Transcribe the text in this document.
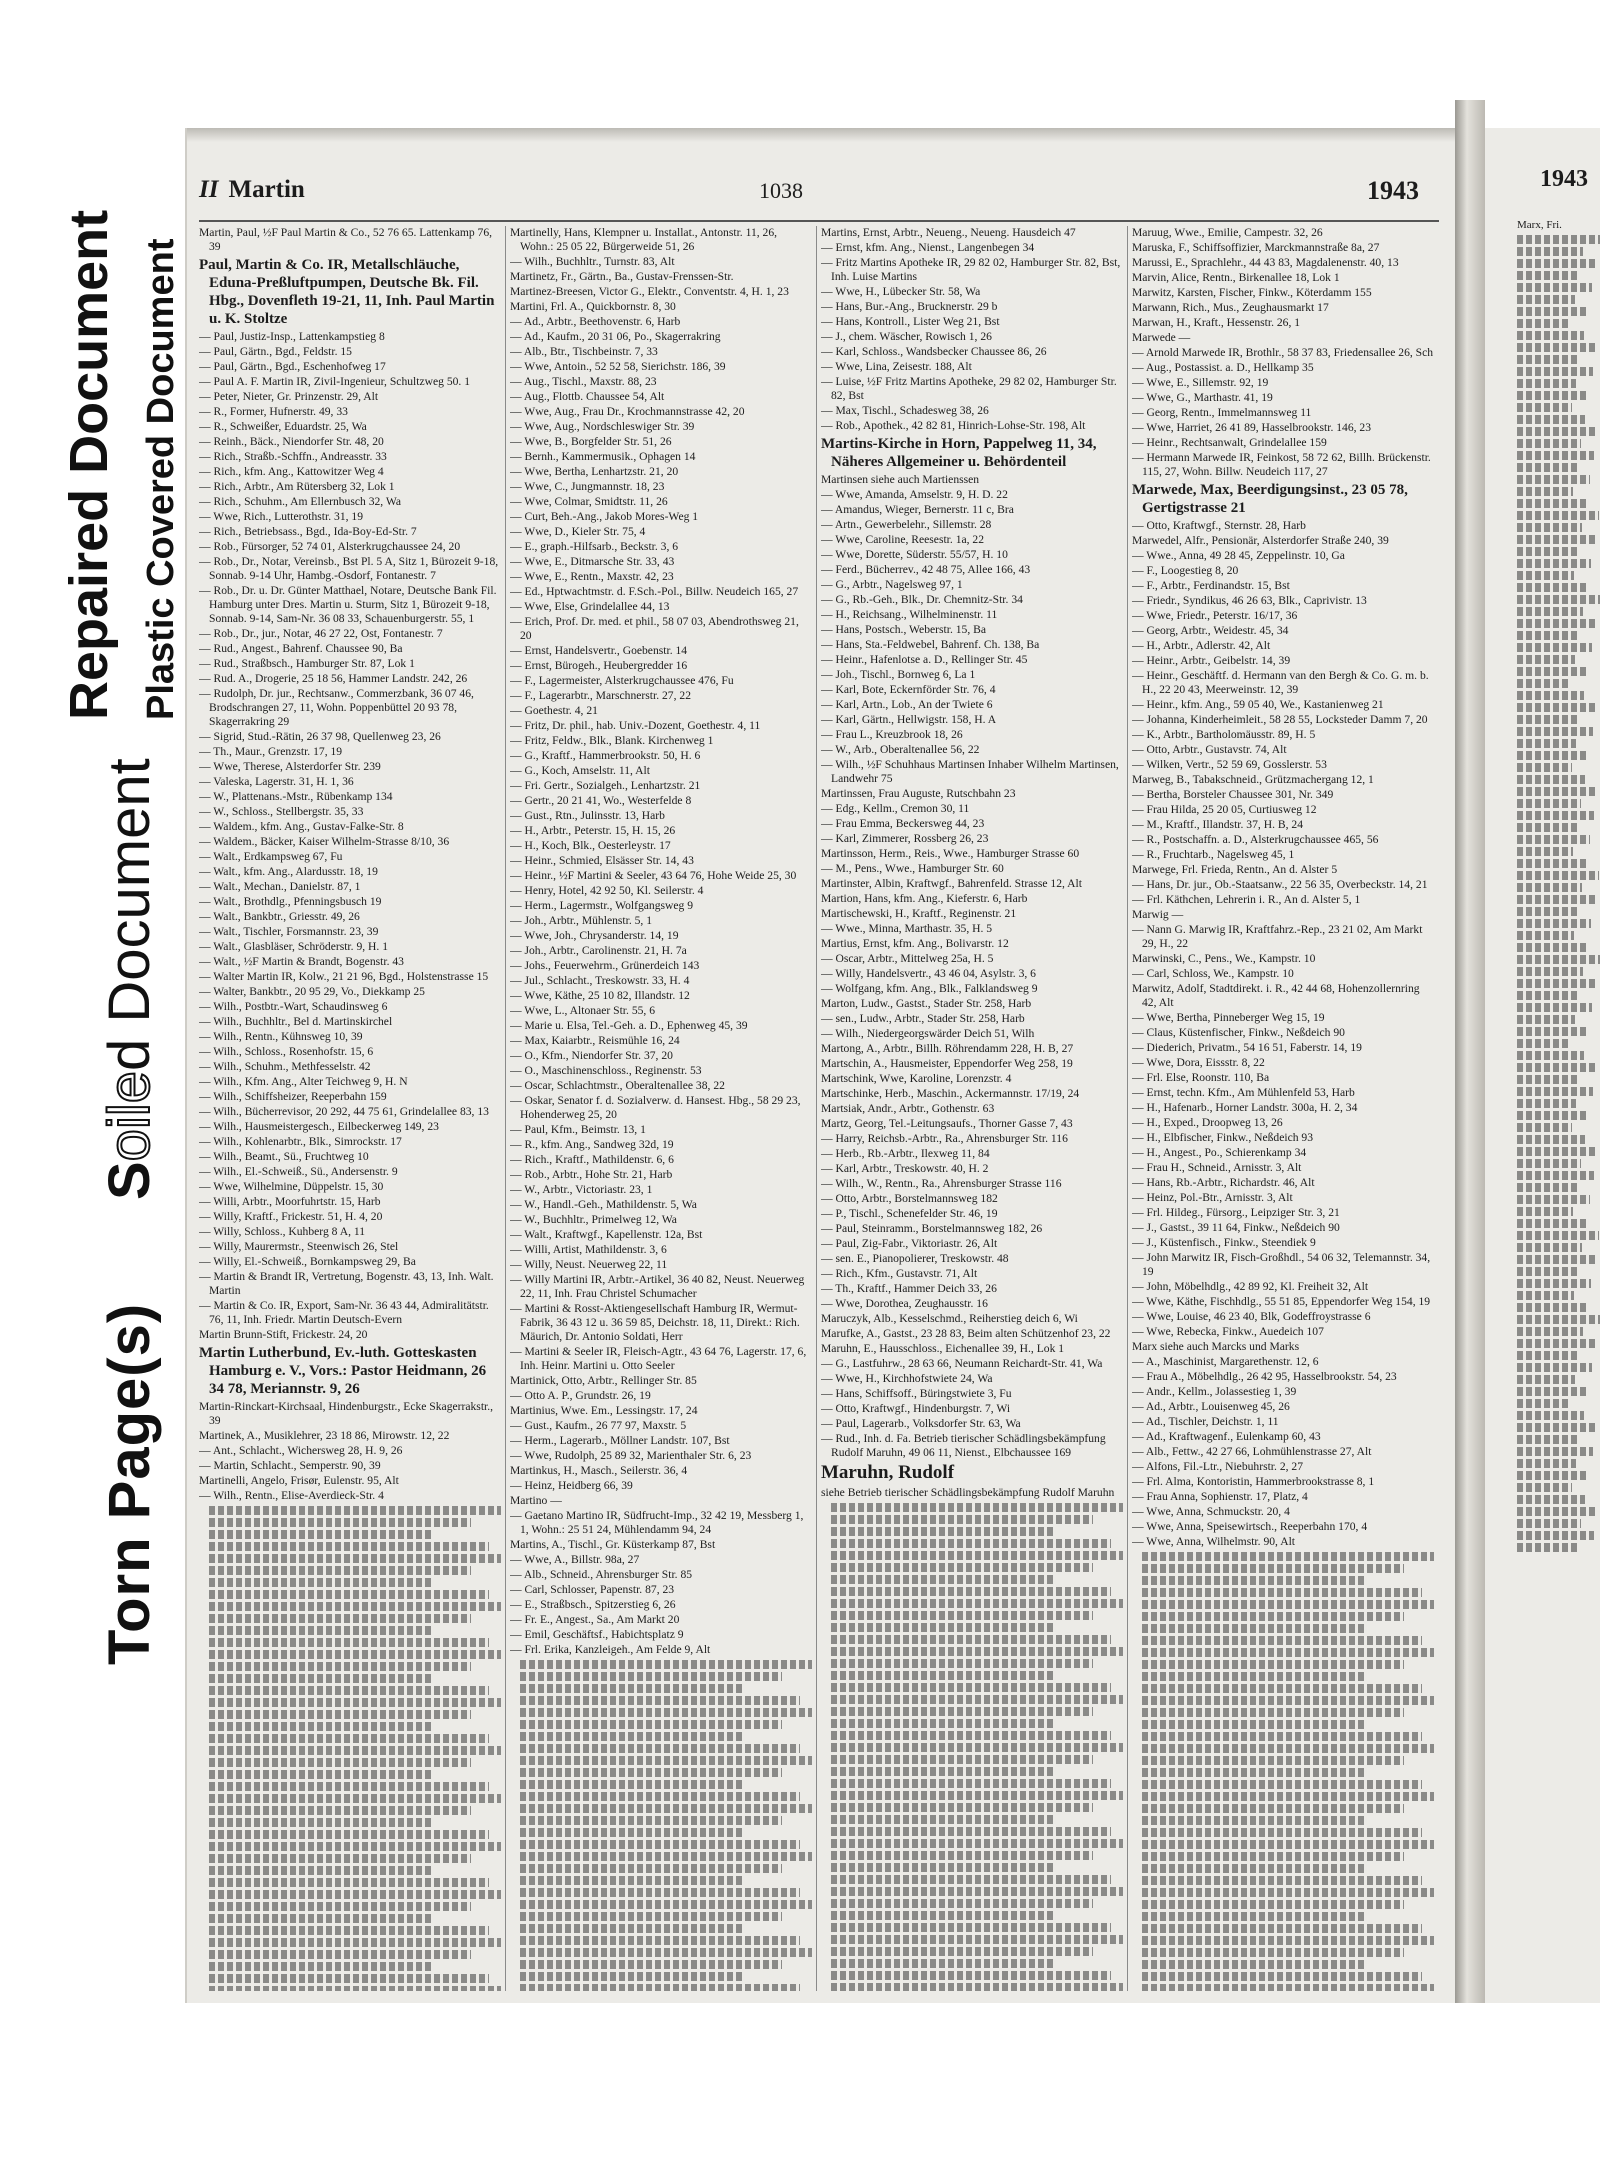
Torn Page(s)
Soiled Document
Repaired Document Plastic Covered Document
II Martin	1038	1943
Martin, Paul, ½F Paul Martin & Co., 52 76 65. Lattenkamp 76, 39
Paul, Martin & Co. IR, Metallschläuche, Eduna-Preßluftpumpen, Deutsche Bk. Fil. Hbg., Dovenfleth 19-21, 11, Inh. Paul Martin u. K. Stoltze
— Paul, Justiz-Insp., Lattenkampstieg 8
— Paul, Gärtn., Bgd., Feldstr. 15
— Paul, Gärtn., Bgd., Eschenhofweg 17
— Paul A. F. Martin IR, Zivil-Ingenieur, Schultzweg 50. 1
— Peter, Nieter, Gr. Prinzenstr. 29, Alt
— R., Former, Hufnerstr. 49, 33
— R., Schweißer, Eduardstr. 25, Wa
— Reinh., Bäck., Niendorfer Str. 48, 20
— Rich., Straßb.-Schffn., Andreasstr. 33
— Rich., kfm. Ang., Kattowitzer Weg 4
— Rich., Arbtr., Am Rütersberg 32, Lok 1
— Rich., Schuhm., Am Ellernbusch 32, Wa
— Wwe, Rich., Lutterothstr. 31, 19
— Rich., Betriebsass., Bgd., Ida-Boy-Ed-Str. 7
— Rob., Fürsorger, 52 74 01, Alsterkrugchaussee 24, 20
— Rob., Dr., Notar, Vereinsb., Bst Pl. 5 A, Sitz 1, Bürozeit 9-18, Sonnab. 9-14 Uhr, Hambg.-Osdorf, Fontanestr. 7
— Rob., Dr. u. Dr. Günter Matthael, Notare, Deutsche Bank Fil. Hamburg unter Dres. Martin u. Sturm, Sitz 1, Bürozeit 9-18, Sonnab. 9-14, Sam-Nr. 36 08 33, Schauenburgerstr. 55, 1
— Rob., Dr., jur., Notar, 46 27 22, Ost, Fontanestr. 7
— Rud., Angest., Bahrenf. Chaussee 90, Ba
— Rud., Straßbsch., Hamburger Str. 87, Lok 1
— Rud. A., Drogerie, 25 18 56, Hammer Landstr. 242, 26
— Rudolph, Dr. jur., Rechtsanw., Commerzbank, 36 07 46, Brodschrangen 27, 11, Wohn. Poppenbüttel 20 93 78, Skagerrakring 29
— Sigrid, Stud.-Rätin, 26 37 98, Quellenweg 23, 26
— Th., Maur., Grenzstr. 17, 19
— Wwe, Therese, Alsterdorfer Str. 239
— Valeska, Lagerstr. 31, H. 1, 36
— W., Plattenans.-Mstr., Rübenkamp 134
— W., Schloss., Stellbergstr. 35, 33
— Waldem., kfm. Ang., Gustav-Falke-Str. 8
— Waldem., Bäcker, Kaiser Wilhelm-Strasse 8/10, 36
— Walt., Erdkampsweg 67, Fu
— Walt., kfm. Ang., Alardusstr. 18, 19
— Walt., Mechan., Danielstr. 87, 1
— Walt., Brothdlg., Pfenningsbusch 19
— Walt., Bankbtr., Griesstr. 49, 26
— Walt., Tischler, Forsmannstr. 23, 39
— Walt., Glasbläser, Schröderstr. 9, H. 1
— Walt., ½F Martin & Brandt, Bogenstr. 43
— Walter Martin IR, Kolw., 21 21 96, Bgd., Holstenstrasse 15
— Walter, Bankbtr., 20 95 29, Vo., Diekkamp 25
— Wilh., Postbtr.-Wart, Schaudinsweg 6
— Wilh., Buchhltr., Bel d. Martinskirchel
— Wilh., Rentn., Kühnsweg 10, 39
— Wilh., Schloss., Rosenhofstr. 15, 6
— Wilh., Schuhm., Methfesselstr. 42
— Wilh., Kfm. Ang., Alter Teichweg 9, H. N
— Wilh., Schiffsheizer, Reeperbahn 159
— Wilh., Bücherrevisor, 20 292, 44 75 61, Grindelallee 83, 13
— Wilh., Hausmeistergesch., Eilbeckerweg 149, 23
— Wilh., Kohlenarbtr., Blk., Simrockstr. 17
— Wilh., Beamt., Sü., Fruchtweg 10
— Wilh., El.-Schweiß., Sü., Andersenstr. 9
— Wwe, Wilhelmine, Düppelstr. 15, 30
— Willi, Arbtr., Moorfuhrtstr. 15, Harb
— Willy, Kraftf., Frickestr. 51, H. 4, 20
— Willy, Schloss., Kuhberg 8 A, 11
— Willy, Maurermstr., Steenwisch 26, Stel
— Willy, El.-Schweiß., Bornkampsweg 29, Ba
— Martin & Brandt IR, Vertretung, Bogenstr. 43, 13, Inh. Walt. Martin
— Martin & Co. IR, Export, Sam-Nr. 36 43 44, Admiralitätstr. 76, 11, Inh. Friedr. Martin Deutsch-Evern
Martin Brunn-Stift, Frickestr. 24, 20
Martin Lutherbund, Ev.-luth. Gotteskasten Hamburg e. V., Vors.: Pastor Heidmann, 26 34 78, Meriannstr. 9, 26
Martin-Rinckart-Kirchsaal, Hindenburgstr., Ecke Skagerrakstr., 39
Martinek, A., Musiklehrer, 23 18 86, Mirowstr. 12, 22
— Ant., Schlacht., Wichersweg 28, H. 9, 26
— Martin, Schlacht., Semperstr. 90, 39
Martinelli, Angelo, Frisør, Eulenstr. 95, Alt
— Wilh., Rentn., Elise-Averdieck-Str. 4
Martinelly, Hans, Klempner u. Installat., Antonstr. 11, 26, Wohn.: 25 05 22, Bürgerweide 51, 26
— Wilh., Buchhltr., Turnstr. 83, Alt
Martinetz, Fr., Gärtn., Ba., Gustav-Frenssen-Str.
Martinez-Breesen, Victor G., Elektr., Conventstr. 4, H. 1, 23
Martini, Frl. A., Quickbornstr. 8, 30
— Ad., Arbtr., Beethovenstr. 6, Harb
— Ad., Kaufm., 20 31 06, Po., Skagerrakring
— Alb., Btr., Tischbeinstr. 7, 33
— Wwe, Antoin., 52 52 58, Sierichstr. 186, 39
— Aug., Tischl., Maxstr. 88, 23
— Aug., Flottb. Chaussee 54, Alt
— Wwe, Aug., Frau Dr., Krochmannstrasse 42, 20
— Wwe, Aug., Nordschleswiger Str. 39
— Wwe, B., Borgfelder Str. 51, 26
— Bernh., Kammermusik., Ophagen 14
— Wwe, Bertha, Lenhartzstr. 21, 20
— Wwe, C., Jungmannstr. 18, 23
— Wwe, Colmar, Smidtstr. 11, 26
— Curt, Beh.-Ang., Jakob Mores-Weg 1
— Wwe, D., Kieler Str. 75, 4
— E., graph.-Hilfsarb., Beckstr. 3, 6
— Wwe, E., Ditmarsche Str. 33, 43
— Wwe, E., Rentn., Maxstr. 42, 23
— Ed., Hptwachtmstr. d. F.Sch.-Pol., Billw. Neudeich 165, 27
— Wwe, Else, Grindelallee 44, 13
— Erich, Prof. Dr. med. et phil., 58 07 03, Abendrothsweg 21, 20
— Ernst, Handelsvertr., Goebenstr. 14
— Ernst, Bürogeh., Heubergredder 16
— F., Lagermeister, Alsterkrugchaussee 476, Fu
— F., Lagerarbtr., Marschnerstr. 27, 22
— Goethestr. 4, 21
— Fritz, Dr. phil., hab. Univ.-Dozent, Goethestr. 4, 11
— Fritz, Feldw., Blk., Blank. Kirchenweg 1
— G., Kraftf., Hammerbrookstr. 50, H. 6
— G., Koch, Amselstr. 11, Alt
— Fri. Gertr., Sozialgeh., Lenhartzstr. 21
— Gertr., 20 21 41, Wo., Westerfelde 8
— Gust., Rtn., Julinsstr. 13, Harb
— H., Arbtr., Peterstr. 15, H. 15, 26
— H., Koch, Blk., Oesterleystr. 17
— Heinr., Schmied, Elsässer Str. 14, 43
— Heinr., ½F Martini & Seeler, 43 64 76, Hohe Weide 25, 30
— Henry, Hotel, 42 92 50, Kl. Seilerstr. 4
— Herm., Lagermstr., Wolfgangsweg 9
— Joh., Arbtr., Mühlenstr. 5, 1
— Wwe, Joh., Chrysanderstr. 14, 19
— Joh., Arbtr., Carolinenstr. 21, H. 7a
— Johs., Feuerwehrm., Grünerdeich 143
— Jul., Schlacht., Treskowstr. 33, H. 4
— Wwe, Käthe, 25 10 82, Illandstr. 12
— Wwe, L., Altonaer Str. 55, 6
— Marie u. Elsa, Tel.-Geh. a. D., Ephenweg 45, 39
— Max, Kaiarbtr., Reismühle 16, 24
— O., Kfm., Niendorfer Str. 37, 20
— O., Maschinenschloss., Reginenstr. 53
— Oscar, Schlachtmstr., Oberaltenallee 38, 22
— Oskar, Senator f. d. Sozialverw. d. Hansest. Hbg., 58 29 23, Hohenderweg 25, 20
— Paul, Kfm., Beimstr. 13, 1
— R., kfm. Ang., Sandweg 32d, 19
— Rich., Kraftf., Mathildenstr. 6, 6
— Rob., Arbtr., Hohe Str. 21, Harb
— W., Arbtr., Victoriastr. 23, 1
— W., Handl.-Geh., Mathildenstr. 5, Wa
— W., Buchhltr., Primelweg 12, Wa
— Walt., Kraftwgf., Kapellenstr. 12a, Bst
— Willi, Artist, Mathildenstr. 3, 6
— Willy, Neust. Neuerweg 22, 11
— Willy Martini IR, Arbtr.-Artikel, 36 40 82, Neust. Neuerweg 22, 11, Inh. Frau Christel Schumacher
— Martini & Rosst-Aktiengesellschaft Hamburg IR, Wermut-Fabrik, 36 43 12 u. 36 59 85, Deichstr. 18, 11, Direkt.: Rich. Mäurich, Dr. Antonio Soldati, Herr
— Martini & Seeler IR, Fleisch-Agtr., 43 64 76, Lagerstr. 17, 6, Inh. Heinr. Martini u. Otto Seeler
Martinick, Otto, Arbtr., Rellinger Str. 85
— Otto A. P., Grundstr. 26, 19
Martinius, Wwe. Em., Lessingstr. 17, 24
— Gust., Kaufm., 26 77 97, Maxstr. 5
— Herm., Lagerarb., Möllner Landstr. 107, Bst
— Wwe, Rudolph, 25 89 32, Marienthaler Str. 6, 23
Martinkus, H., Masch., Seilerstr. 36, 4
— Heinz, Heidberg 66, 39
Martino —
— Gaetano Martino IR, Südfrucht-Imp., 32 42 19, Messberg 1, 1, Wohn.: 25 51 24, Mühlendamm 94, 24
Martins, A., Tischl., Gr. Küsterkamp 87, Bst
— Wwe, A., Billstr. 98a, 27
— Alb., Schneid., Ahrensburger Str. 85
— Carl, Schlosser, Papenstr. 87, 23
— E., Straßbsch., Spitzerstieg 6, 26
— Fr. E., Angest., Sa., Am Markt 20
— Emil, Geschäftsf., Habichtsplatz 9
— Frl. Erika, Kanzleigeh., Am Felde 9, Alt
Martins, Ernst, Arbtr., Neueng., Neueng. Hausdeich 47
— Ernst, kfm. Ang., Nienst., Langenbegen 34
— Fritz Martins Apotheke IR, 29 82 02, Hamburger Str. 82, Bst, Inh. Luise Martins
— Wwe, H., Lübecker Str. 58, Wa
— Hans, Bur.-Ang., Brucknerstr. 29 b
— Hans, Kontroll., Lister Weg 21, Bst
— J., chem. Wäscher, Rowisch 1, 26
— Karl, Schloss., Wandsbecker Chaussee 86, 26
— Wwe, Lina, Zeisestr. 188, Alt
— Luise, ½F Fritz Martins Apotheke, 29 82 02, Hamburger Str. 82, Bst
— Max, Tischl., Schadesweg 38, 26
— Rob., Apothek., 42 82 81, Hinrich-Lohse-Str. 198, Alt
Martins-Kirche in Horn, Pappelweg 11, 34, Näheres Allgemeiner u. Behördenteil
Martinsen siehe auch Martienssen
— Wwe, Amanda, Amselstr. 9, H. D. 22
— Amandus, Wieger, Bernerstr. 11 c, Bra
— Artn., Gewerbelehr., Sillemstr. 28
— Wwe, Caroline, Reesestr. 1a, 22
— Wwe, Dorette, Süderstr. 55/57, H. 10
— Ferd., Bücherrev., 42 48 75, Allee 166, 43
— G., Arbtr., Nagelsweg 97, 1
— G., Rb.-Geh., Blk., Dr. Chemnitz-Str. 34
— H., Reichsang., Wilhelminenstr. 11
— Hans, Postsch., Weberstr. 15, Ba
— Hans, Sta.-Feldwebel, Bahrenf. Ch. 138, Ba
— Heinr., Hafenlotse a. D., Rellinger Str. 45
— Joh., Tischl., Bornweg 6, La 1
— Karl, Bote, Eckernförder Str. 76, 4
— Karl, Artn., Lob., An der Twiete 6
— Karl, Gärtn., Hellwigstr. 158, H. A
— Frau L., Kreuzbrook 18, 26
— W., Arb., Oberaltenallee 56, 22
— Wilh., ½F Schuhhaus Martinsen Inhaber Wilhelm Martinsen, Landwehr 75
Martinssen, Frau Auguste, Rutschbahn 23
— Edg., Kellm., Cremon 30, 11
— Frau Emma, Beckersweg 44, 23
— Karl, Zimmerer, Rossberg 26, 23
Martinsson, Herm., Reis., Wwe., Hamburger Strasse 60
— M., Pens., Wwe., Hamburger Str. 60
Martinster, Albin, Kraftwgf., Bahrenfeld. Strasse 12, Alt
Martion, Hans, kfm. Ang., Kieferstr. 6, Harb
Martischewski, H., Kraftf., Reginenstr. 21
— Wwe., Minna, Marthastr. 35, H. 5
Martius, Ernst, kfm. Ang., Bolivarstr. 12
— Oscar, Arbtr., Mittelweg 25a, H. 5
— Willy, Handelsvertr., 43 46 04, Asylstr. 3, 6
— Wolfgang, kfm. Ang., Blk., Falklandsweg 9
Marton, Ludw., Gastst., Stader Str. 258, Harb
— sen., Ludw., Arbtr., Stader Str. 258, Harb
— Wilh., Niedergeorgswärder Deich 51, Wilh
Martong, A., Arbtr., Billh. Röhrendamm 228, H. B, 27
Martschin, A., Hausmeister, Eppendorfer Weg 258, 19
Martschink, Wwe, Karoline, Lorenzstr. 4
Martschinke, Herb., Maschin., Ackermannstr. 17/19, 24
Martsiak, Andr., Arbtr., Gothenstr. 63
Martz, Georg, Tel.-Leitungsaufs., Thorner Gasse 7, 43
— Harry, Reichsb.-Arbtr., Ra., Ahrensburger Str. 116
— Herb., Rb.-Arbtr., Ilexweg 11, 84
— Karl, Arbtr., Treskowstr. 40, H. 2
— Wilh., W., Rentn., Ra., Ahrensburger Strasse 116
— Otto, Arbtr., Borstelmannsweg 182
— P., Tischl., Schenefelder Str. 46, 19
— Paul, Steinramm., Borstelmannsweg 182, 26
— Paul, Zig-Fabr., Viktoriastr. 26, Alt
— sen. E., Pianopolierer, Treskowstr. 48
— Rich., Kfm., Gustavstr. 71, Alt
— Th., Kraftf., Hammer Deich 33, 26
— Wwe, Dorothea, Zeughausstr. 16
Maruczyk, Alb., Kesselschmd., Reiherstieg deich 6, Wi
Marufke, A., Gastst., 23 28 83, Beim alten Schützenhof 23, 22
Maruhn, E., Hausschloss., Eichenallee 39, H., Lok 1
— G., Lastfuhrw., 28 63 66, Neumann Reichardt-Str. 41, Wa
— Wwe, H., Kirchhofstwiete 24, Wa
— Hans, Schiffsoff., Büringstwiete 3, Fu
— Otto, Kraftwgf., Hindenburgstr. 7, Wi
— Paul, Lagerarb., Volksdorfer Str. 63, Wa
— Rud., Inh. d. Fa. Betrieb tierischer Schädlingsbekämpfung Rudolf Maruhn, 49 06 11, Nienst., Elbchaussee 169
Maruhn, Rudolf
siehe Betrieb tierischer Schädlingsbekämpfung Rudolf Maruhn
Maruug, Wwe., Emilie, Campestr. 32, 26
Maruska, F., Schiffsoffizier, Marckmannstraße 8a, 27
Marussi, E., Sprachlehr., 44 43 83, Magdalenenstr. 40, 13
Marvin, Alice, Rentn., Birkenallee 18, Lok 1
Marwitz, Karsten, Fischer, Finkw., Köterdamm 155
Marwann, Rich., Mus., Zeughausmarkt 17
Marwan, H., Kraft., Hessenstr. 26, 1
Marwede —
— Arnold Marwede IR, Brothlr., 58 37 83, Friedensallee 26, Sch
— Aug., Postassist. a. D., Hellkamp 35
— Wwe, E., Sillemstr. 92, 19
— Wwe, G., Marthastr. 41, 19
— Georg, Rentn., Immelmannsweg 11
— Wwe, Harriet, 26 41 89, Hasselbrookstr. 146, 23
— Heinr., Rechtsanwalt, Grindelallee 159
— Hermann Marwede IR, Feinkost, 58 72 62, Billh. Brückenstr. 115, 27, Wohn. Billw. Neudeich 117, 27
Marwede, Max, Beerdigungsinst., 23 05 78, Gertigstrasse 21
— Otto, Kraftwgf., Sternstr. 28, Harb
Marwedel, Alfr., Pensionär, Alsterdorfer Straße 240, 39
— Wwe., Anna, 49 28 45, Zeppelinstr. 10, Ga
— F., Loogestieg 8, 20
— F., Arbtr., Ferdinandstr. 15, Bst
— Friedr., Syndikus, 46 26 63, Blk., Caprivistr. 13
— Wwe, Friedr., Peterstr. 16/17, 36
— Georg, Arbtr., Weidestr. 45, 34
— H., Arbtr., Adlerstr. 42, Alt
— Heinr., Arbtr., Geibelstr. 14, 39
— Heinr., Geschäftf. d. Hermann van den Bergh & Co. G. m. b. H., 22 20 43, Meerweinstr. 12, 39
— Heinr., kfm. Ang., 59 05 40, We., Kastanienweg 21
— Johanna, Kinderheimleit., 58 28 55, Locksteder Damm 7, 20
— K., Arbtr., Bartholomäusstr. 89, H. 5
— Otto, Arbtr., Gustavstr. 74, Alt
— Wilken, Vertr., 52 59 69, Gosslerstr. 53
Marweg, B., Tabakschneid., Grützmachergang 12, 1
— Bertha, Borsteler Chaussee 301, Nr. 349
— Frau Hilda, 25 20 05, Curtiusweg 12
— M., Kraftf., Illandstr. 37, H. B, 24
— R., Postschaffn. a. D., Alsterkrugchaussee 465, 56
— R., Fruchtarb., Nagelsweg 45, 1
Marwege, Frl. Frieda, Rentn., An d. Alster 5
— Hans, Dr. jur., Ob.-Staatsanw., 22 56 35, Overbeckstr. 14, 21
— Frl. Käthchen, Lehrerin i. R., An d. Alster 5, 1
Marwig —
— Nann G. Marwig IR, Kraftfahrz.-Rep., 23 21 02, Am Markt 29, H., 22
Marwinski, C., Pens., We., Kampstr. 10
— Carl, Schloss, We., Kampstr. 10
Marwitz, Adolf, Stadtdirekt. i. R., 42 44 68, Hohenzollernring 42, Alt
— Wwe, Bertha, Pinneberger Weg 15, 19
— Claus, Küstenfischer, Finkw., Neßdeich 90
— Diederich, Privatm., 54 16 51, Faberstr. 14, 19
— Wwe, Dora, Eissstr. 8, 22
— Frl. Else, Roonstr. 110, Ba
— Ernst, techn. Kfm., Am Mühlenfeld 53, Harb
— H., Hafenarb., Horner Landstr. 300a, H. 2, 34
— H., Exped., Droopweg 13, 26
— H., Elbfischer, Finkw., Neßdeich 93
— H., Angest., Po., Schierenkamp 34
— Frau H., Schneid., Arnisstr. 3, Alt
— Hans, Rb.-Arbtr., Richardstr. 46, Alt
— Heinz, Pol.-Btr., Arnisstr. 3, Alt
— Frl. Hildeg., Fürsorg., Leipziger Str. 3, 21
— J., Gastst., 39 11 64, Finkw., Neßdeich 90
— J., Küstenfisch., Finkw., Steendiek 9
— John Marwitz IR, Fisch-Großhdl., 54 06 32, Telemannstr. 34, 19
— John, Möbelhdlg., 42 89 92, Kl. Freiheit 32, Alt
— Wwe, Käthe, Fischhdlg., 55 51 85, Eppendorfer Weg 154, 19
— Wwe, Louise, 46 23 40, Blk, Godeffroystrasse 6
— Wwe, Rebecka, Finkw., Auedeich 107
Marx siehe auch Marcks und Marks
— A., Maschinist, Margarethenstr. 12, 6
— Frau A., Möbelhdlg., 26 42 95, Hasselbrookstr. 54, 23
— Andr., Kellm., Jolassestieg 1, 39
— Ad., Arbtr., Louisenweg 45, 26
— Ad., Tischler, Deichstr. 1, 11
— Ad., Kraftwagenf., Eulenkamp 60, 43
— Alb., Fettw., 42 27 66, Lohmühlenstrasse 27, Alt
— Alfons, Fil.-Ltr., Niebuhrstr. 2, 27
— Frl. Alma, Kontoristin, Hammerbrookstrasse 8, 1
— Frau Anna, Sophienstr. 17, Platz, 4
— Wwe, Anna, Schmuckstr. 20, 4
— Wwe, Anna, Speisewirtsch., Reeperbahn 170, 4
— Wwe, Anna, Wilhelmstr. 90, Alt
1943
Marx, Fri.
